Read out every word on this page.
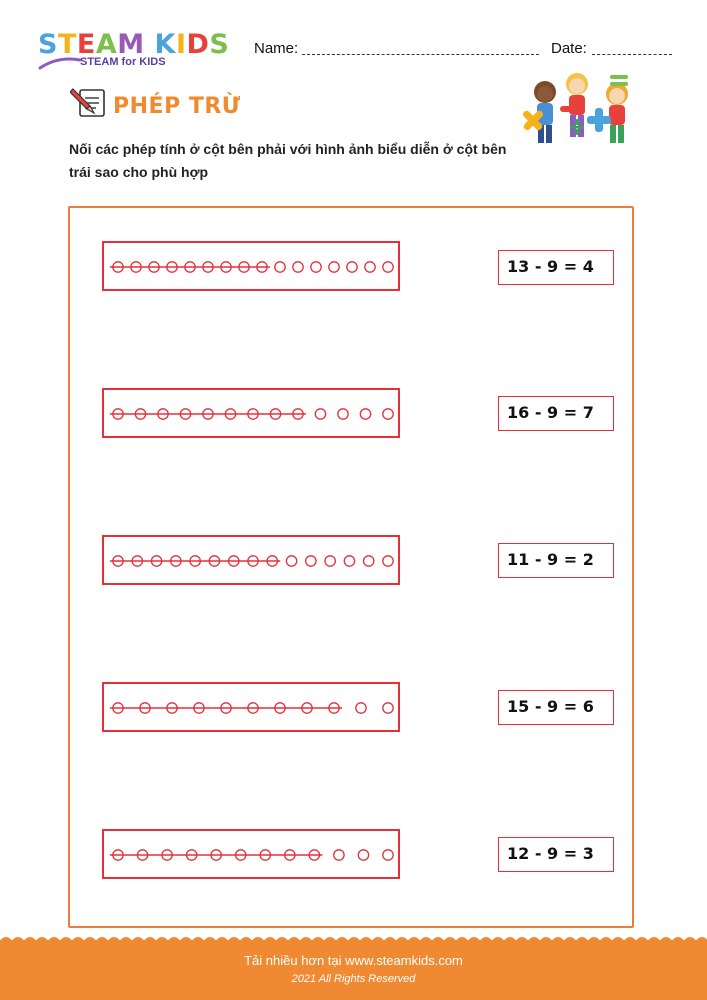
STEAM KIDS
STEAM for KIDS
Name:	Date:
PHÉP TRỪ
Nối các phép tính ở cột bên phải với hình ảnh biểu diễn ở cột bên trái sao cho phù hợp
13 ‑ 9 = 4
16 ‑ 9 = 7
11 ‑ 9 = 2
15 ‑ 9 = 6
12 ‑ 9 = 3
Tải nhiều hơn tại www.steamkids.com
2021 All Rights Reserved
